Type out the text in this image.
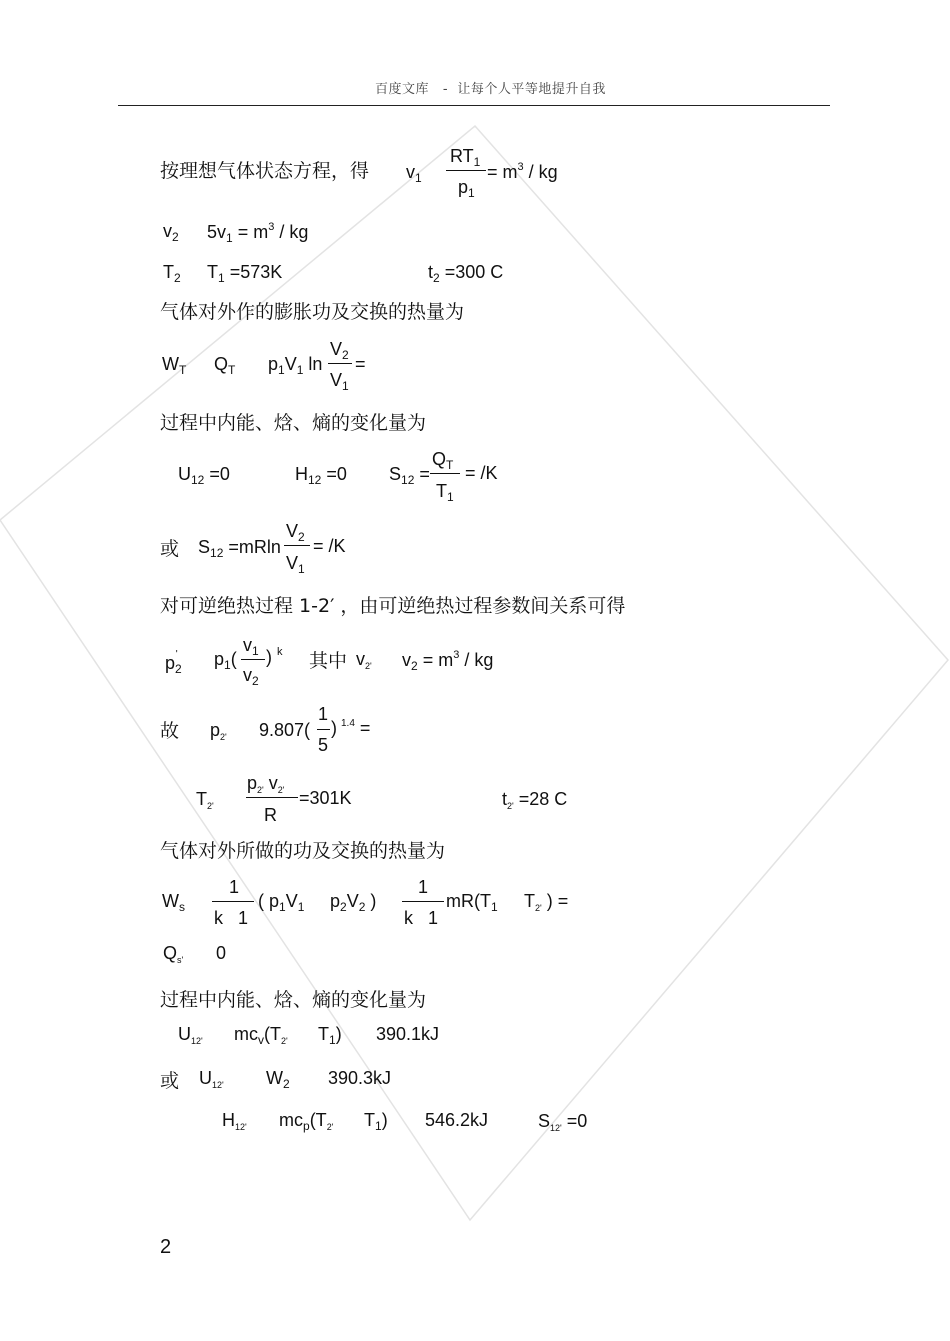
百度文库 - 让每个人平等地提升自我
按理想气体状态方程，得 $v_1$
$RT_1$
$p_1$
= $m^3$ / kg
$v_2$ $5v_1 = m^3$ / kg
$T_2$ $T_1 =573K$	$t_2 =300$ C
气体对外作的膨胀功及交换的热量为
$W_T$ $Q_T$ $p_1V_1$ ln
$V_2$
$V_1$
=
过程中内能、焓、熵的变化量为
$U_{12} =0$	$H_{12} =0$ $S_{12}$ =
$Q_T$
$T_1$
= /K
或 $S_{12} =mRln$
$V_2$
$V_1$
= /K
对可逆绝热过程 1-2′ ，由可逆绝热过程参数间关系可得
$p_2'$ $p_1$(
$v_1$
$v_2$
) $^k$ 其中 $v_{2'}$ $v_2 = m^3$ / kg
故 $p_{2'}$ 9.807(
1
5
) $^{1.4}$ =
$T_{2'}$
$p_{2'}$ $v_{2'}$
R
=301K	$t_{2'} =28$ C
气体对外所做的功及交换的热量为
$W_s$
1
k   1
( $p_1V_1$ $p_2V_2$ )
1
k   1
$mR(T_1$ $T_{2'}$ ) =
$Q_{s'}$ 0
过程中内能、焓、熵的变化量为
$U_{12'}$ $mc_v(T_{2'}$ $T_1$) 390.1kJ
或 $U_{12'}$ $W_2$ 390.3kJ
$H_{12'}$ $mc_p(T_{2'}$ $T_1$) 546.2kJ	$S_{12'} =0$
2
